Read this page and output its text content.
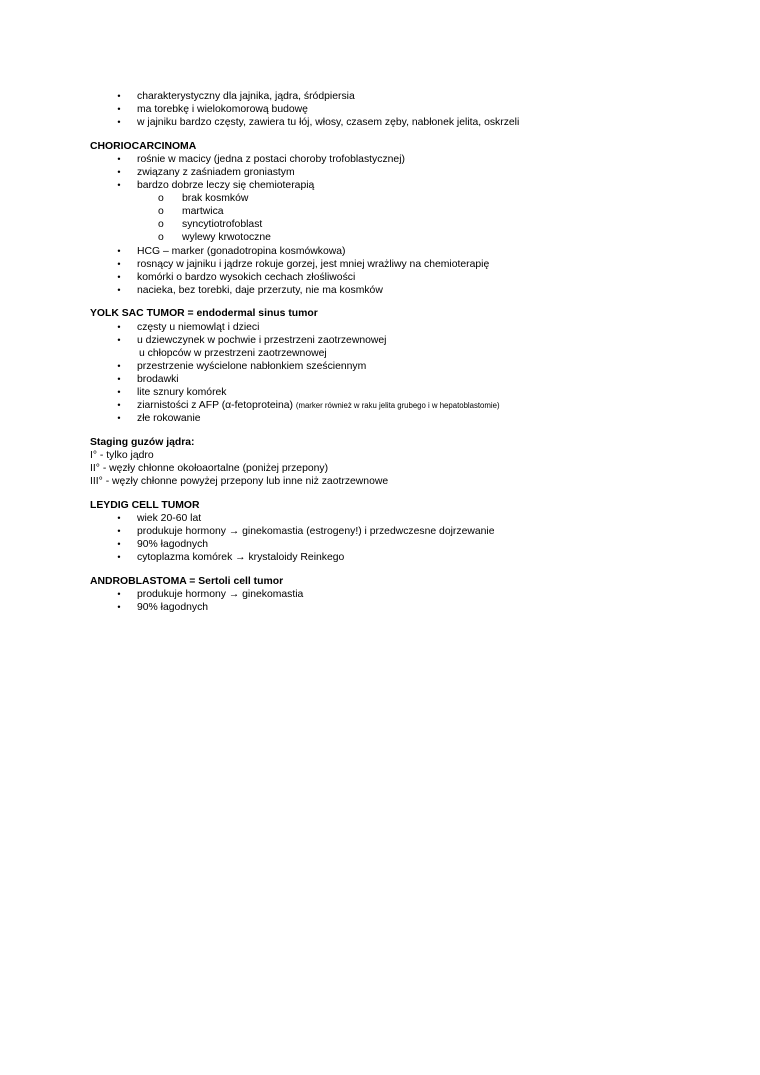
•	charakterystyczny dla jajnika, jądra, śródpiersia
•	ma torebkę i wielokomorową budowę
•	w jajniku bardzo częsty, zawiera tu łój, włosy, czasem zęby, nabłonek jelita, oskrzeli
CHORIOCARCINOMA
•	rośnie w macicy (jedna z postaci choroby trofoblastycznej)
•	związany z zaśniadem groniastym
•	bardzo dobrze leczy się chemioterapią
o brak kosmków
o martwica
o syncytiotrofoblast
o wylewy krwotoczne
•	HCG – marker (gonadotropina kosmówkowa)
•	rosnący w jajniku i jądrze rokuje gorzej, jest mniej wrażliwy na chemioterapię
•	komórki o bardzo wysokich cechach złośliwości
•	nacieka, bez torebki, daje przerzuty, nie ma kosmków
YOLK SAC TUMOR = endodermal sinus tumor
•	częsty u niemowląt i dzieci
•	u dziewczynek w pochwie i przestrzeni zaotrzewnowej
u chłopców w przestrzeni zaotrzewnowej
•	przestrzenie wyścielone nabłonkiem sześciennym
•	brodawki
•	lite sznury komórek
•	ziarnistości z AFP (α-fetoproteina) (marker również w raku jelita grubego i w hepatoblastomie)
•	złe rokowanie
Staging guzów jądra:
I° - tylko jądro
II° - węzły chłonne okołoaortalne (poniżej przepony)
III° - węzły chłonne powyżej przepony lub inne niż zaotrzewnowe
LEYDIG CELL TUMOR
•	wiek 20-60 lat
•	produkuje hormony → ginekomastia (estrogeny!) i przedwczesne dojrzewanie
•	90% łagodnych
•	cytoplazma komórek → krystaloidy Reinkego
ANDROBLASTOMA = Sertoli cell tumor
•	produkuje hormony → ginekomastia
•	90% łagodnych
